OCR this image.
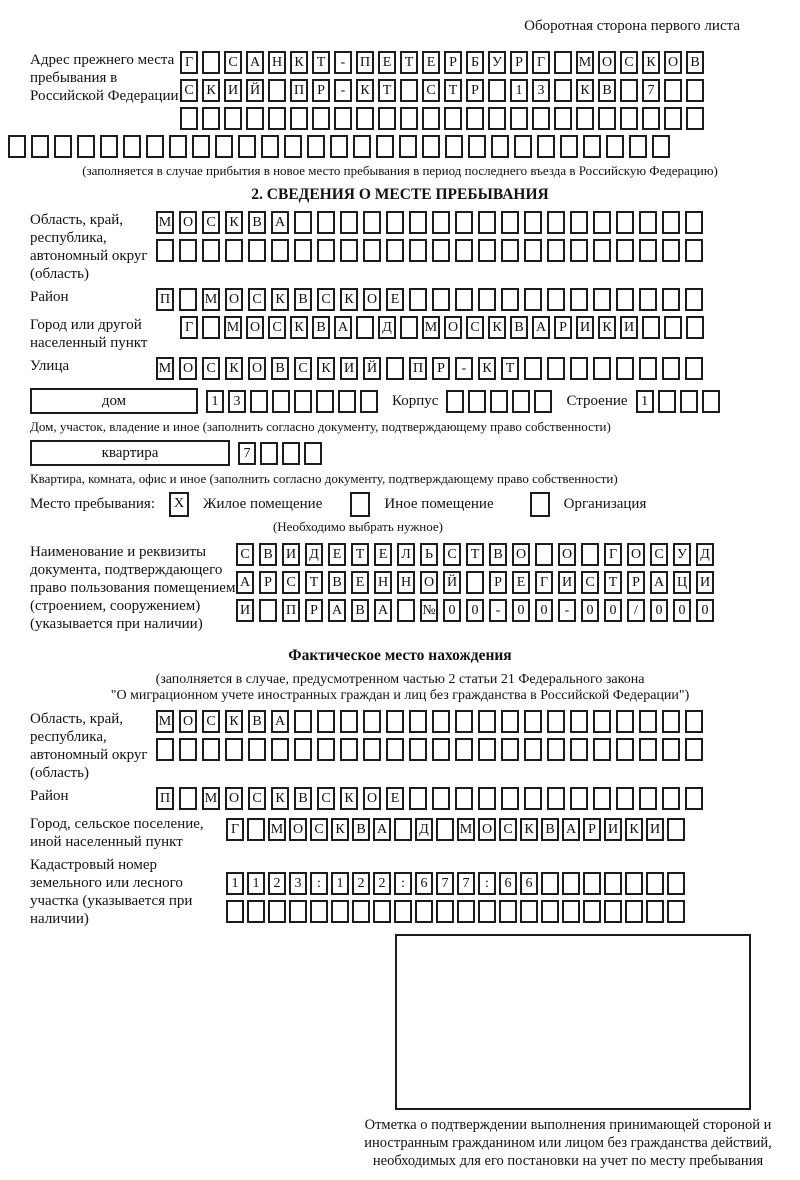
Оборотная сторона первого листа
Адрес прежнего места пребывания в Российской Федерации
Г	С А Н К Т	-	П Е Т Е Р	Б У Р	Г	М О С К О В
С К И Й П Р	-	К Т	С Т Р	1	3	К В	7
(заполняется в случае прибытия в новое место пребывания в период последнего въезда в Российскую Федерацию)
2. СВЕДЕНИЯ О МЕСТЕ ПРЕБЫВАНИЯ
Область, край, республика, автономный округ (область)
М О С К В А
Район	П М О С К В С К О Е
Город или другой населенный пункт
Г	М О С К В А	Д	М О С К В А Р И К И
Улица	М О С К О В С К И Й	П	Р	-	К	Т
дом	1	3	Корпус	Строение 1
Дом, участок, владение и иное (заполнить согласно документу, подтверждающему право собственности)
квартира	7
Квартира, комната, офис и иное (заполнить согласно документу, подтверждающему право собственности)
Место пребывания:	X	Жилое помещение	Иное помещение	Организация
(Необходимо выбрать нужное)
Наименование и реквизиты документа, подтверждающего право пользования помещением (строением, сооружением) (указывается при наличии)
С В И Д Е	Т	Е Л	Ь	С	Т	В О	О	Г О С У Д
А	Р	С	Т	В	Е Н Н О Й	Р	Е	Г И С	Т	Р	А Ц И
И	П	Р	А В А № 0	0	-	0	0	-	0	0	/	0	0	0
Фактическое место нахождения
(заполняется в случае, предусмотренном частью 2 статьи 21 Федерального закона
"О миграционном учете иностранных граждан и лиц без гражданства в Российской Федерации")
Область, край, республика, автономный округ (область)
М О С К В А
Район	П М О С К В С К О Е
Город, сельское поселение, иной населенный пункт
Г	М О С К В А	Д	М О С К В А Р И К И
Кадастровый номер земельного или лесного участка (указывается при наличии)
1	1	2	3	:	1	2	2	:	6	7	7	:	6	6
Отметка о подтверждении выполнения принимающей стороной и иностранным гражданином или лицом без гражданства действий, необходимых для его постановки на учет по месту пребывания
